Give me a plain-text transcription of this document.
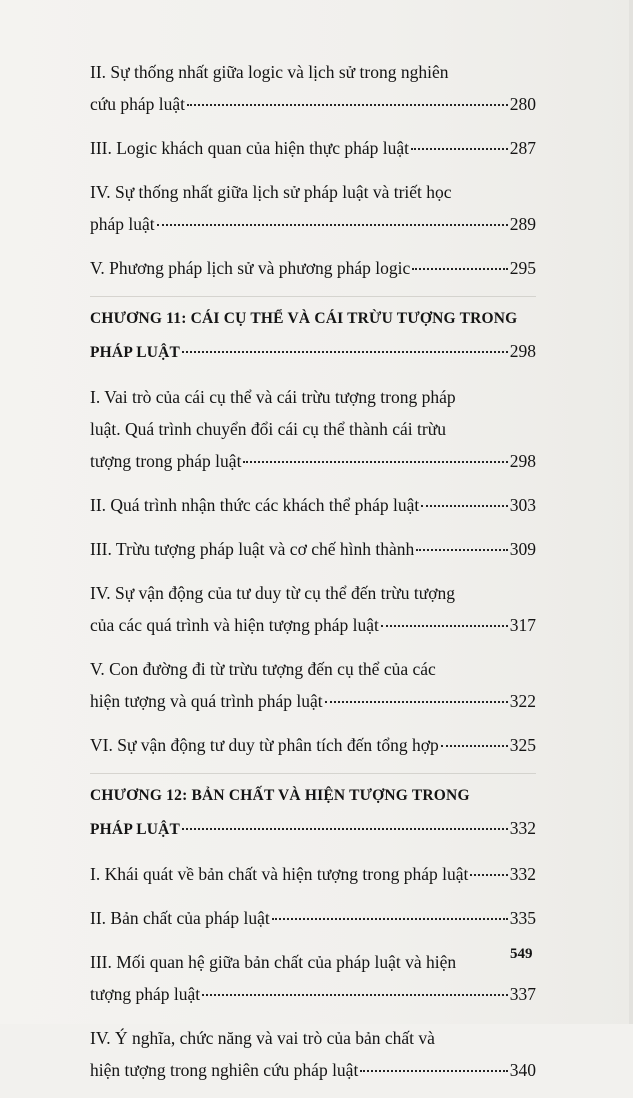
II. Sự thống nhất giữa logic và lịch sử trong nghiên
cứu pháp luật	280
III. Logic khách quan của hiện thực pháp luật	287
IV. Sự thống nhất giữa lịch sử pháp luật và triết học
pháp luật	289
V. Phương pháp lịch sử và phương pháp logic	295
CHƯƠNG 11: CÁI CỤ THỂ VÀ CÁI TRỪU TƯỢNG TRONG
PHÁP LUẬT	298
I. Vai trò của cái cụ thể và cái trừu tượng trong pháp
luật. Quá trình chuyển đổi cái cụ thể thành cái trừu
tượng trong pháp luật	298
II. Quá trình nhận thức các khách thể pháp luật	303
III. Trừu tượng pháp luật và cơ chế hình thành	309
IV. Sự vận động của tư duy từ cụ thể đến trừu tượng
của các quá trình và hiện tượng pháp luật	317
V. Con đường đi từ trừu tượng đến cụ thể của các
hiện tượng và quá trình pháp luật	322
VI. Sự vận động tư duy từ phân tích đến tổng hợp	325
CHƯƠNG 12: BẢN CHẤT VÀ HIỆN TƯỢNG TRONG
PHÁP LUẬT	332
I. Khái quát về bản chất và hiện tượng trong pháp luật 332
II. Bản chất của pháp luật	335
III. Mối quan hệ giữa bản chất của pháp luật và hiện
tượng pháp luật	337
IV. Ý nghĩa, chức năng và vai trò của bản chất và
hiện tượng trong nghiên cứu pháp luật	340
549
